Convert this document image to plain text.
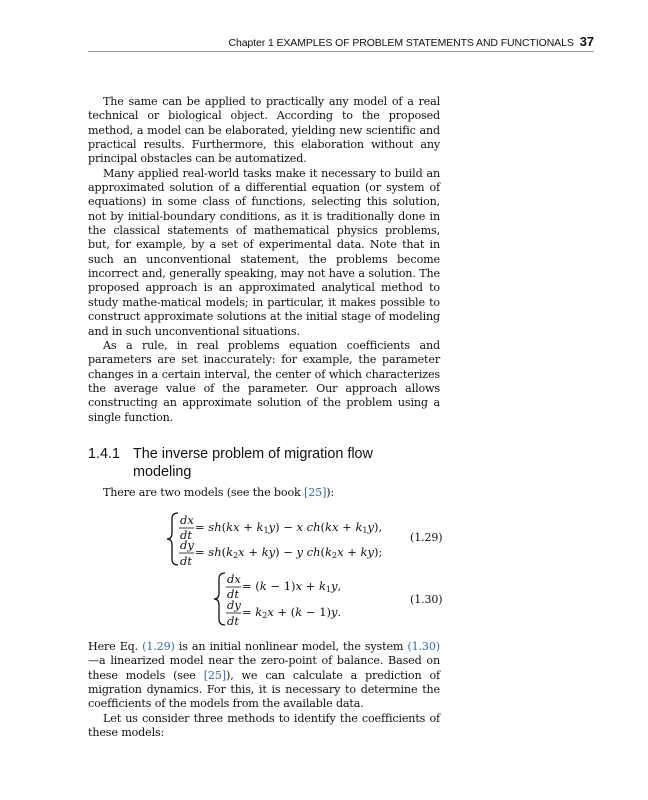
Chapter 1 EXAMPLES OF PROBLEM STATEMENTS AND FUNCTIONALS 37

The same can be applied to practically any model of a real technical or biological object. According to the proposed method, a model can be elaborated, yielding new scientific and practical results. Furthermore, this elaboration without any principal obstacles can be automatized.

Many applied real-world tasks make it necessary to build an approximated solution of a differential equation (or system of equations) in some class of functions, selecting this solution, not by initial-boundary conditions, as it is traditionally done in the classical statements of mathematical physics problems, but, for example, by a set of experimental data. Note that in such an unconventional statement, the problems become incorrect and, generally speaking, may not have a solution. The proposed approach is an approximated analytical method to study mathe-matical models; in particular, it makes possible to construct approximate solutions at the initial stage of modeling and in such unconventional situations.

As a rule, in real problems equation coefficients and parameters are set inaccurately: for example, the parameter changes in a certain interval, the center of which characterizes the average value of the parameter. Our approach allows constructing an approximate solution of the problem using a single function.

1.4.1 The inverse problem of migration flow modeling
There are two models (see the book [25]):
dx
dt
= sh(kx + k1y) − x ch(kx + k1y),
dy
dt
= sh(k2x + ky) − y ch(k2x + ky);
dx
dt
= (k − 1)x + k1y,
dy
dt
= k2x + (k − 1)y.
(1.29)
(1.30)

Here Eq. (1.29) is an initial nonlinear model, the system (1.30)—a linearized model near the zero-point of balance. Based on these models (see [25]), we can calculate a prediction of migration dynamics. For this, it is necessary to determine the coefficients of the models from the available data.

Let us consider three methods to identify the coefficients of these models:
